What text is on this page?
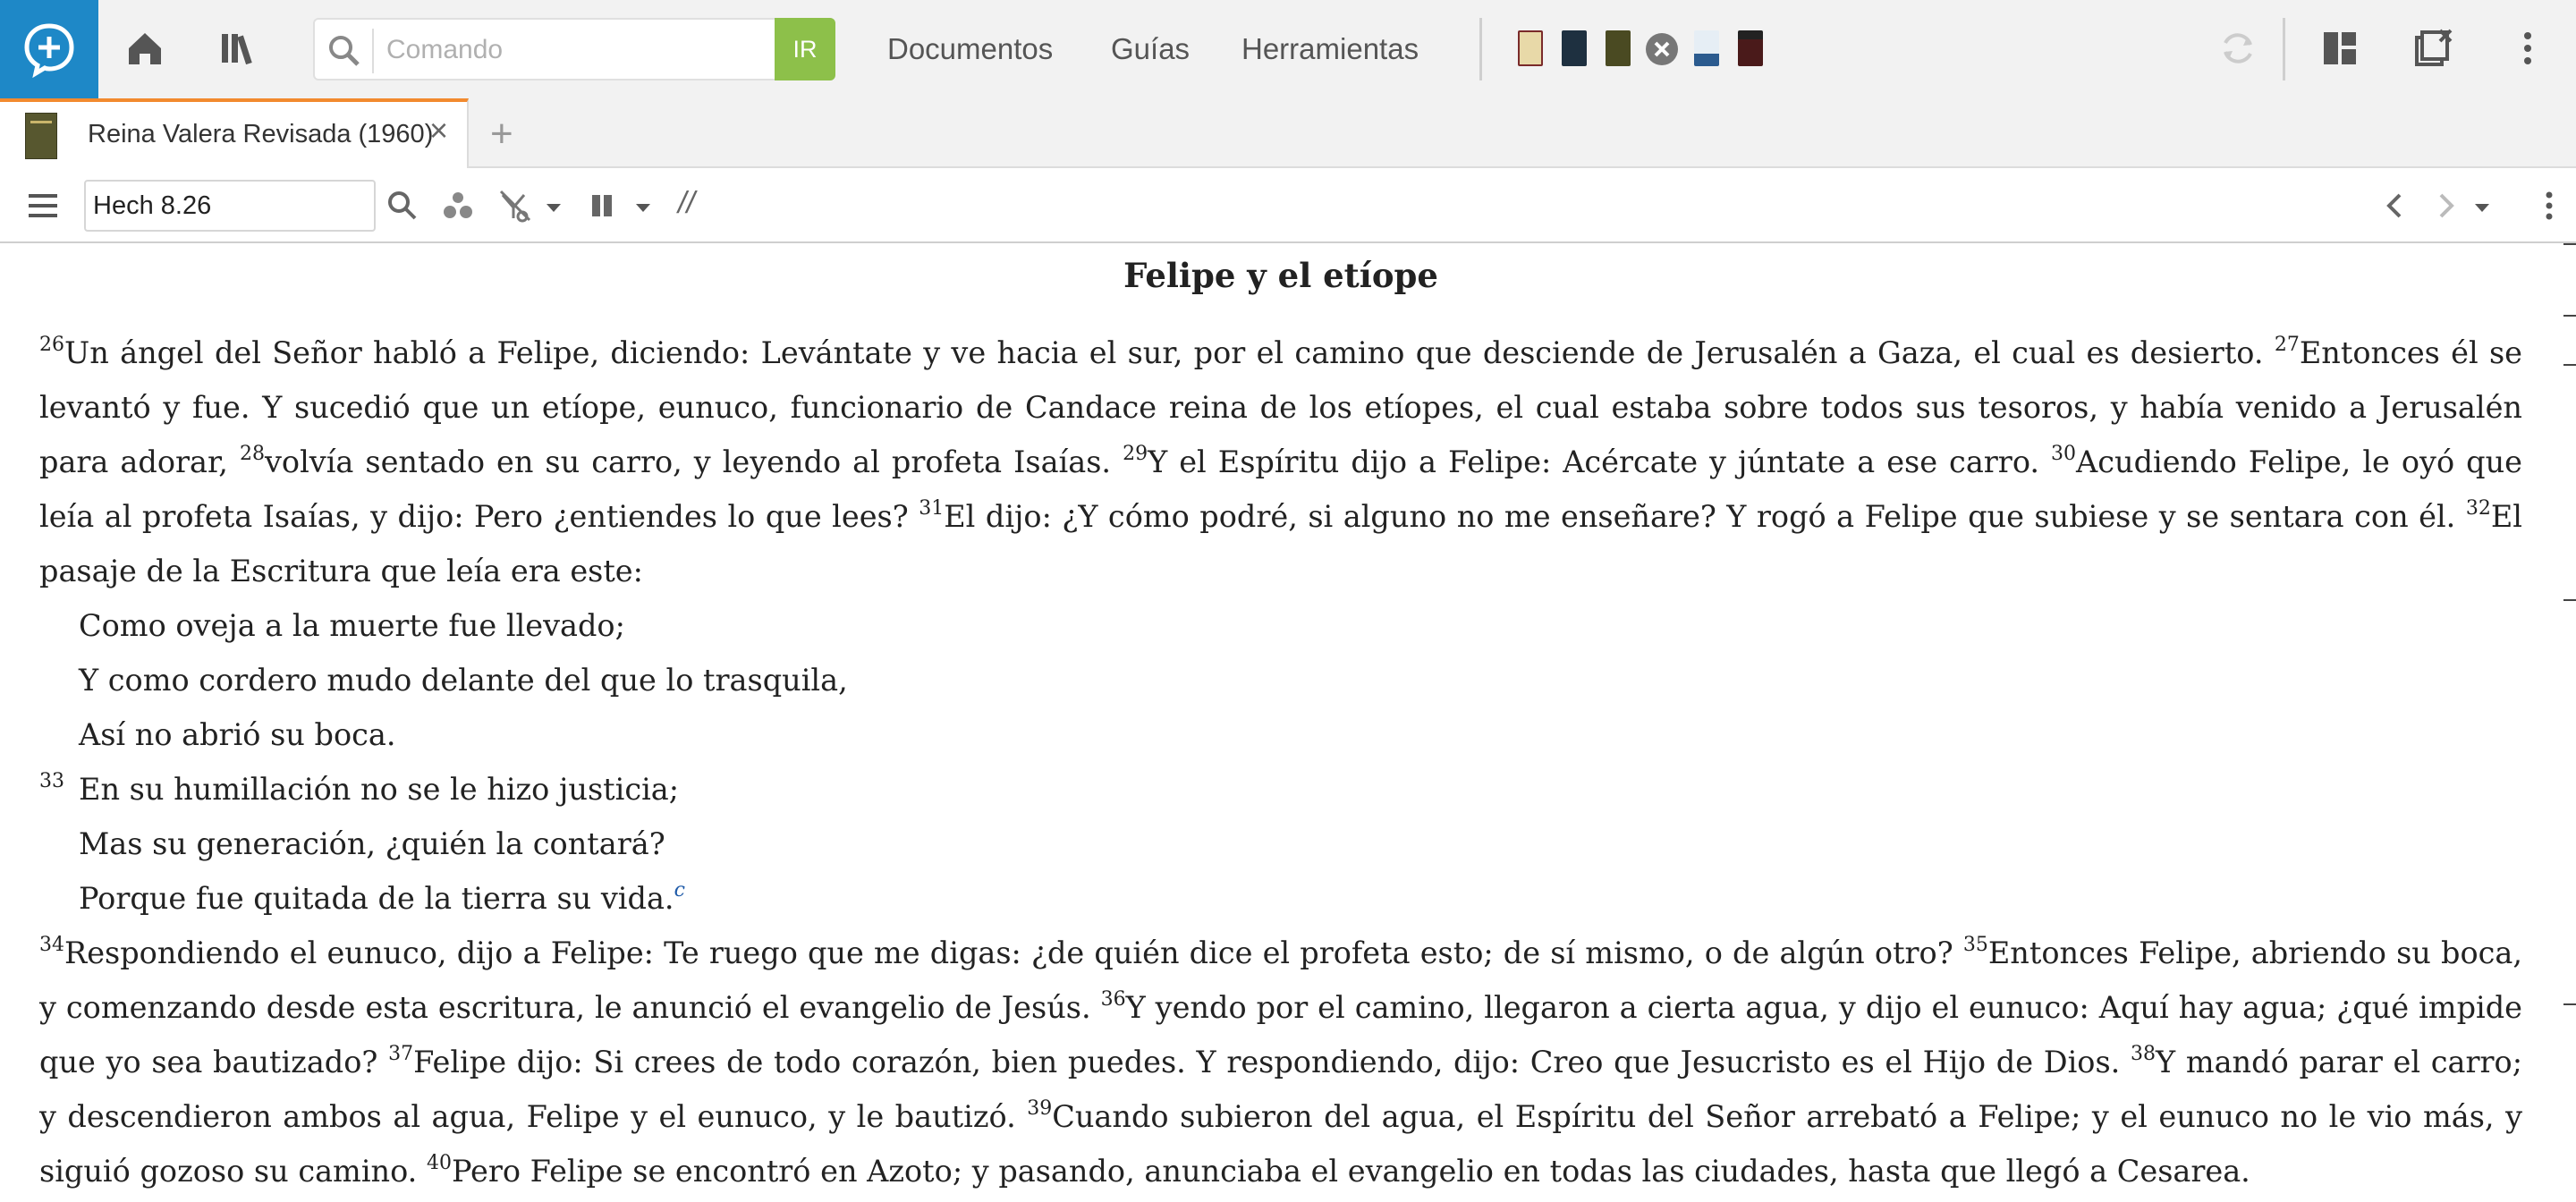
Comando
IR	Documentos Guías Herramientas
Reina Valera Revisada (1960)
× +
Hech 8.26
//
Felipe y el etíope

$^{26}$Un ángel del Señor habló a Felipe, diciendo: Levántate y ve hacia el sur, por el camino que desciende de Jerusalén a Gaza, el cual es desierto. $^{27}$Entonces él se levantó y fue. Y sucedió que un etíope, eunuco, funcionario de Candace reina de los etíopes, el cual estaba sobre todos sus tesoros, y había venido a Jerusalén para adorar, $^{28}$volvía sentado en su carro, y leyendo al profeta Isaías. $^{29}$Y el Espíritu dijo a Felipe: Acércate y júntate a ese carro. $^{30}$Acudiendo Felipe, le oyó que leía al profeta Isaías, y dijo: Pero ¿entiendes lo que lees? $^{31}$El dijo: ¿Y cómo podré, si alguno no me enseñare? Y rogó a Felipe que subiese y se sentara con él. $^{32}$El pasaje de la Escritura que leía era este:

Como oveja a la muerte fue llevado;
Y como cordero mudo delante del que lo trasquila,
Así no abrió su boca.
33 En su humillación no se le hizo justicia;
Mas su generación, ¿quién la contará?
Porque fue quitada de la tierra su vida.$^c$

$^{34}$Respondiendo el eunuco, dijo a Felipe: Te ruego que me digas: ¿de quién dice el profeta esto; de sí mismo, o de algún otro? $^{35}$Entonces Felipe, abriendo su boca, y comenzando desde esta escritura, le anunció el evangelio de Jesús. $^{36}$Y yendo por el camino, llegaron a cierta agua, y dijo el eunuco: Aquí hay agua; ¿qué impide que yo sea bautizado? $^{37}$Felipe dijo: Si crees de todo corazón, bien puedes. Y respondiendo, dijo: Creo que Jesucristo es el Hijo de Dios. $^{38}$Y mandó parar el carro; y descendieron ambos al agua, Felipe y el eunuco, y le bautizó. $^{39}$Cuando subieron del agua, el Espíritu del Señor arrebató a Felipe; y el eunuco no le vio más, y siguió gozoso su camino. $^{40}$Pero Felipe se encontró en Azoto; y pasando, anunciaba el evangelio en todas las ciudades, hasta que llegó a Cesarea.
